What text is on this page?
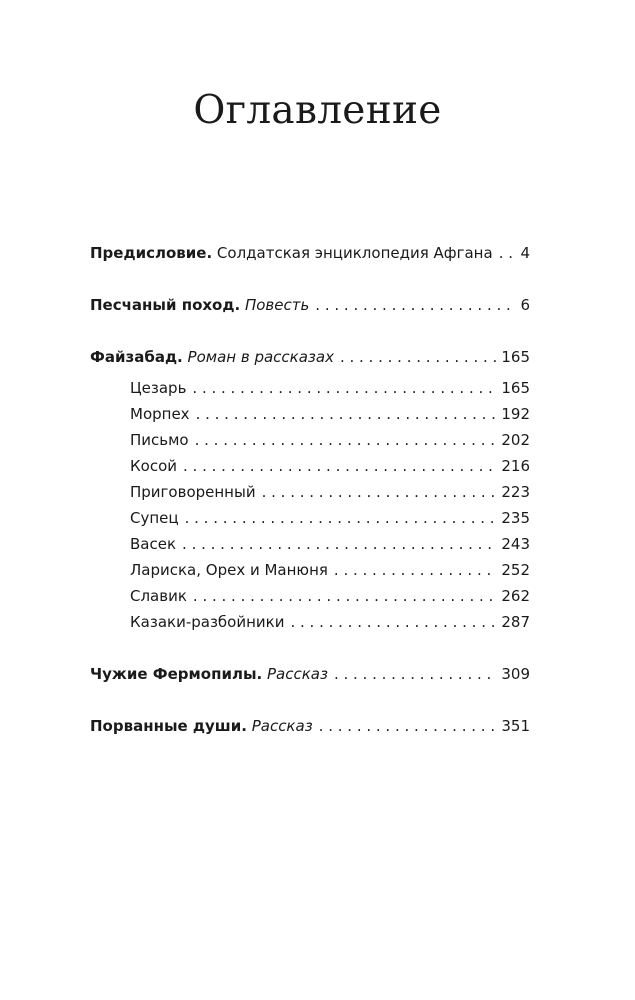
Оглавление
Предисловие. Солдатская энциклопедия Афгана . . . 4
Песчаный поход. Повесть . . .	6
Файзабад. Роман в рассказах . . .	165
Цезарь . . .	165
Морпех . . .	192
Письмо . . .	202
Косой . . .	216
Приговоренный . . .	223
Супец . . .	235
Васек . . .	243
Лариска, Орех и Манюня . . .	252
Славик . . .	262
Казаки-разбойники . . .	287
Чужие Фермопилы. Рассказ . . .	309
Порванные души. Рассказ . . .	351
